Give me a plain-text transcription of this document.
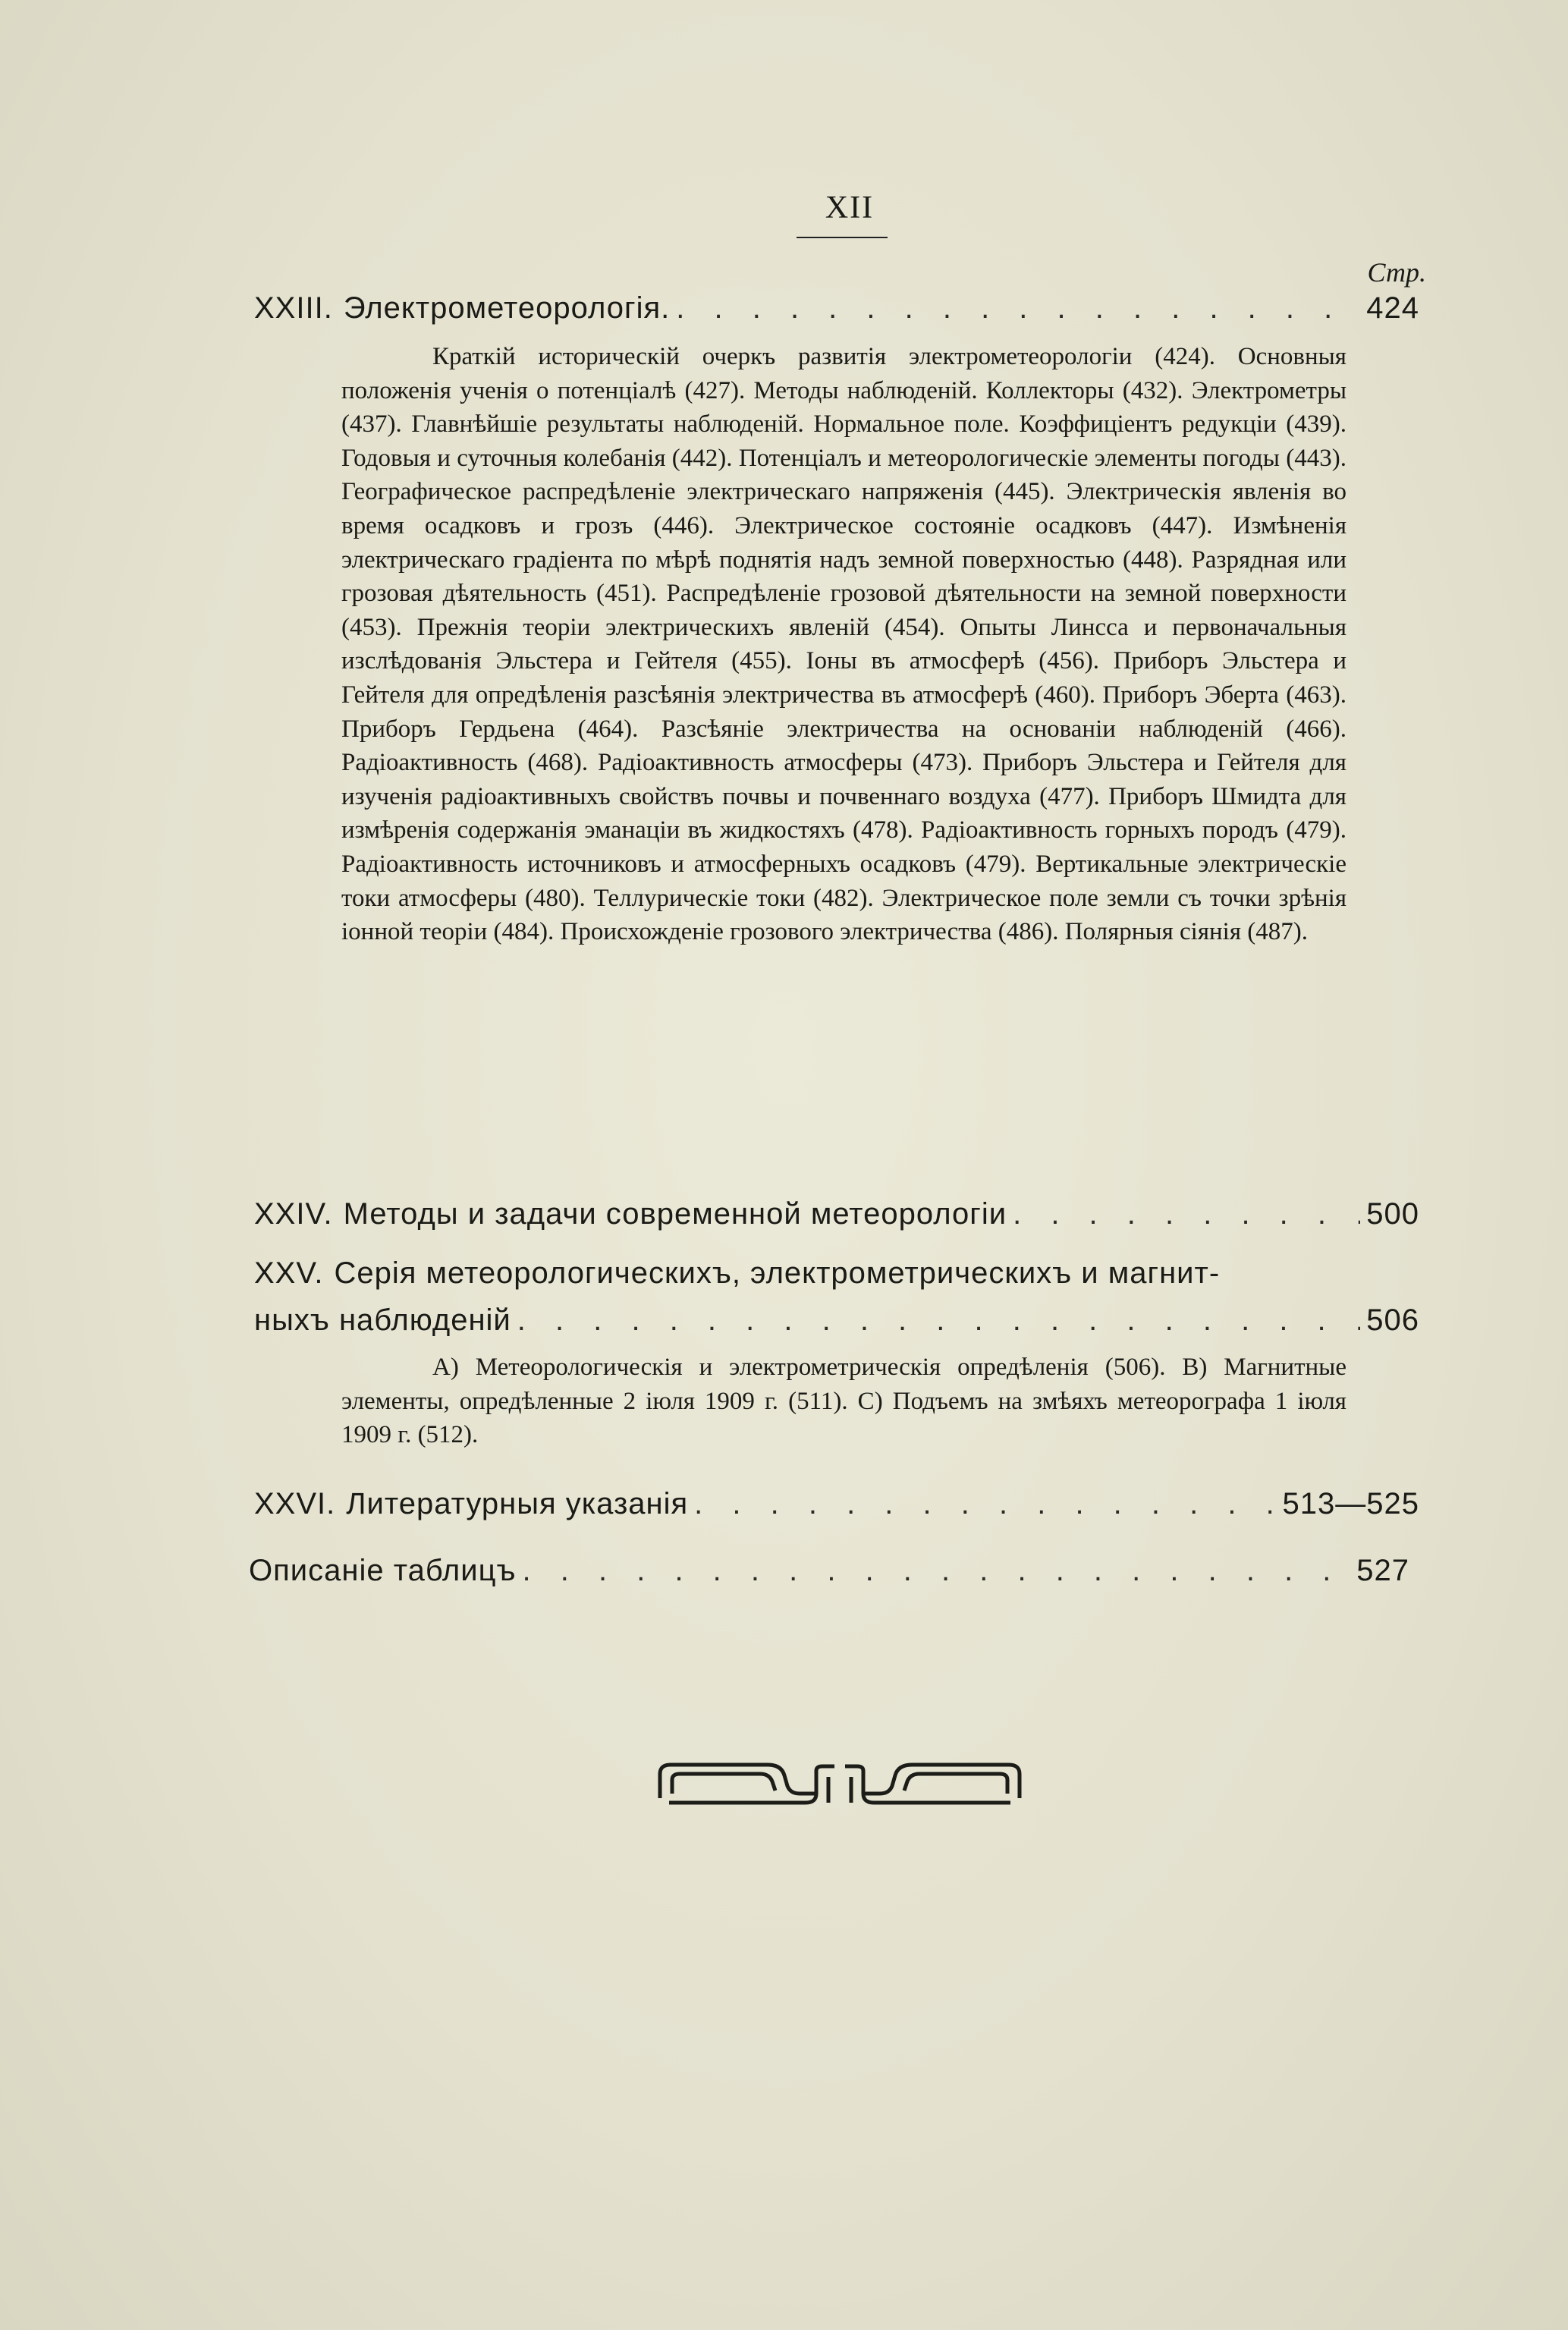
XII
Стр.
XXIII. Электрометеорологія. . . .	424
Краткій историческій очеркъ развитія электрометеорологіи (424). Основныя положенія ученія о потенціалѣ (427). Методы наблюденій. Коллекторы (432). Электрометры (437). Главнѣйшіе результаты наблюденій. Нормальное поле. Коэффиціентъ редукціи (439). Годовыя и суточныя колебанія (442). Потенціалъ и метеорологическіе элементы погоды (443). Географическое распредѣленіе электрическаго напряженія (445). Электрическія явленія во время осадковъ и грозъ (446). Электрическое состояніе осадковъ (447). Измѣненія электрическаго градіента по мѣрѣ поднятія надъ земной поверхностью (448). Разрядная или грозовая дѣятельность (451). Распредѣленіе грозовой дѣятельности на земной поверхности (453). Прежнія теоріи электрическихъ явленій (454). Опыты Линсса и первоначальныя изслѣдованія Эльстера и Гейтеля (455). Іоны въ атмосферѣ (456). Приборъ Эльстера и Гейтеля для опредѣленія разсѣянія электричества въ атмосферѣ (460). Приборъ Эберта (463). Приборъ Гердьена (464). Разсѣяніе электричества на основаніи наблюденій (466). Радіоактивность (468). Радіоактивность атмосферы (473). Приборъ Эльстера и Гейтеля для изученія радіоактивныхъ свойствъ почвы и почвеннаго воздуха (477). Приборъ Шмидта для измѣренія содержанія эманаціи въ жидкостяхъ (478). Радіоактивность горныхъ породъ (479). Радіоактивность источниковъ и атмосферныхъ осадковъ (479). Вертикальные электрическіе токи атмосферы (480). Теллурическіе токи (482). Электрическое поле земли съ точки зрѣнія іонной теоріи (484). Происхожденіе грозового электричества (486). Полярныя сіянія (487).
XXIV. Методы и задачи современной метеорологіи . . .	500
XXV. Серія метеорологическихъ, электрометрическихъ и магнит-
ныхъ наблюденій . . .	506
A) Метеорологическія и электрометрическія опредѣленія (506). B) Магнитные элементы, опредѣленные 2 іюля 1909 г. (511). C) Подъемъ на змѣяхъ метеорографа 1 іюля 1909 г. (512).
XXVI. Литературныя указанія . . .	513—525
Описаніе таблицъ . . .	527
